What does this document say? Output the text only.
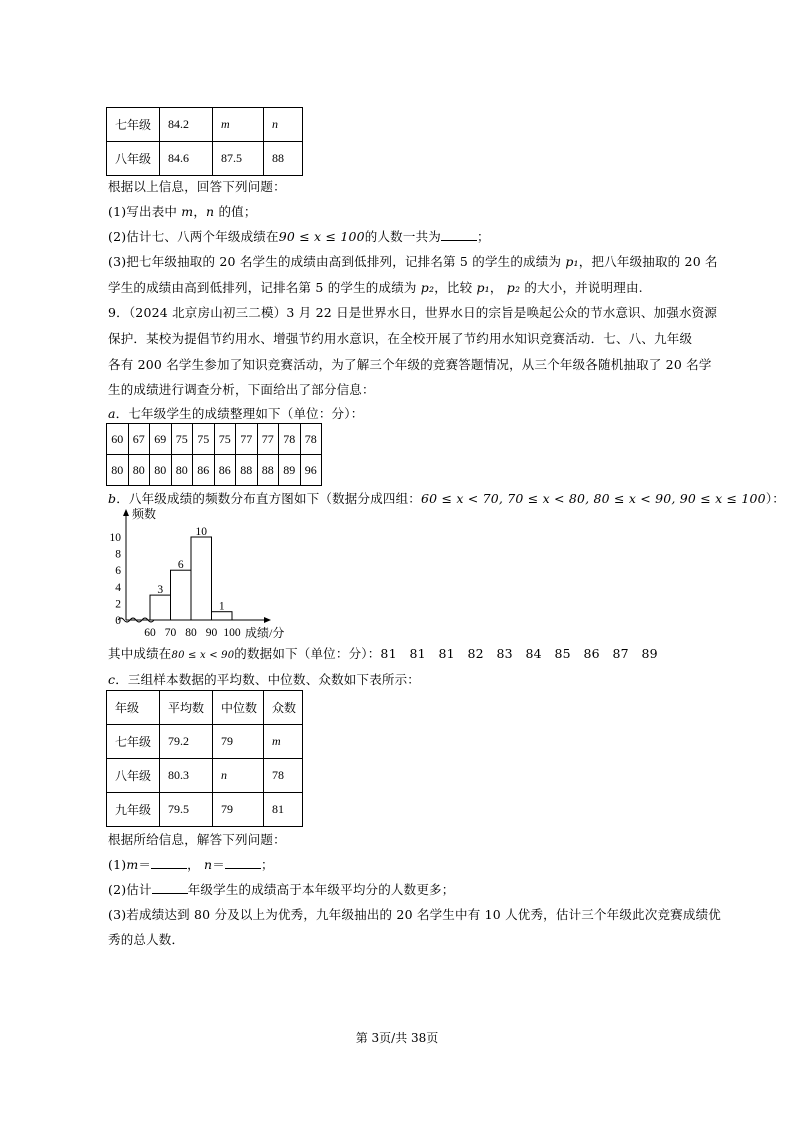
七年级	84.2	m	n
八年级	84.6	87.5	88
根据以上信息，回答下列问题：
(1)写出表中 m，n 的值；
(2)估计七、八两个年级成绩在90 ≤ x ≤ 100的人数一共为	；
(3)把七年级抽取的 20 名学生的成绩由高到低排列，记排名第 5 的学生的成绩为 p₁，把八年级抽取的 20 名
学生的成绩由高到低排列，记排名第 5 的学生的成绩为 p₂，比较 p₁， p₂ 的大小，并说明理由.
9．（2024 北京房山初三二模）3 月 22 日是世界水日，世界水日的宗旨是唤起公众的节水意识、加强水资源
保护．某校为提倡节约用水、增强节约用水意识，在全校开展了节约用水知识竞赛活动．七、八、九年级
各有 200 名学生参加了知识竞赛活动，为了解三个年级的竞赛答题情况，从三个年级各随机抽取了 20 名学
生的成绩进行调查分析，下面给出了部分信息：
a．七年级学生的成绩整理如下（单位：分）：
60	67	69	75	75	75	77	77	78	78
80	80	80	80	86	86	88	88	89	96
b．八年级成绩的频数分布直方图如下（数据分成四组：60 ≤ x < 70, 70 ≤ x < 80, 80 ≤ x < 90, 90 ≤ x ≤ 100）：
频数
0
2
4
6
8
10
3
6
10
1
60 70 80 90 100 成绩/分
其中成绩在80 ≤ x < 90的数据如下（单位：分）：81　81　81　82　83　84　85　86　87　89
c．三组样本数据的平均数、中位数、众数如下表所示：
年级	平均数	中位数	众数
七年级	79.2	79	m
八年级	80.3	n	78
九年级	79.5	79	81
根据所给信息，解答下列问题：
(1)m＝	， n＝	；
(2)估计	年级学生的成绩高于本年级平均分的人数更多；
(3)若成绩达到 80 分及以上为优秀，九年级抽出的 20 名学生中有 10 人优秀，估计三个年级此次竞赛成绩优
秀的总人数．
第 3页/共 38页
